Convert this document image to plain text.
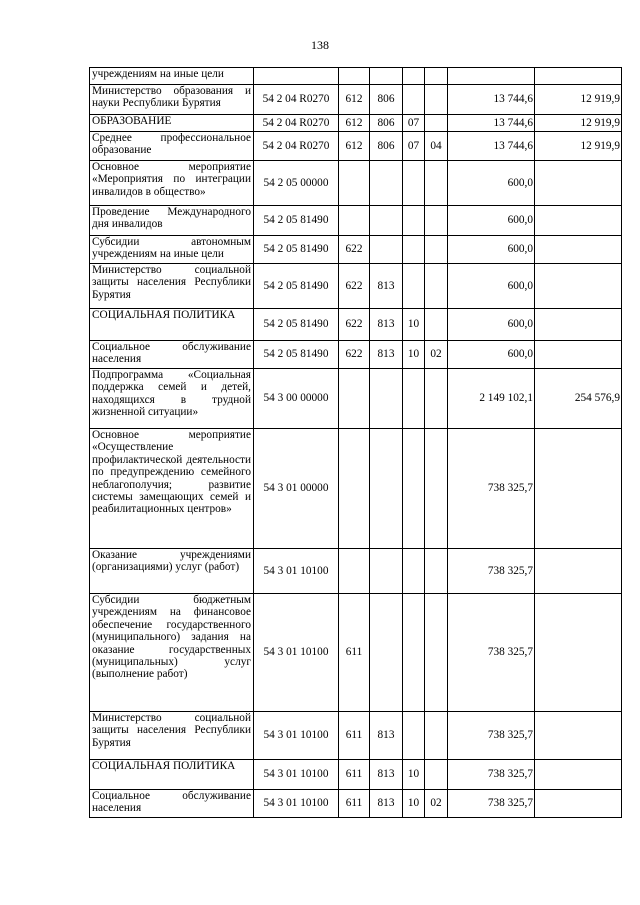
138
учреждениям на иные цели							
Министерство образования и науки Республики Бурятия	54 2 04 R0270	612	806			13 744,6	12 919,9
ОБРАЗОВАНИЕ	54 2 04 R0270	612	806	07		13 744,6	12 919,9
Среднее профессиональное образование	54 2 04 R0270	612	806	07	04	13 744,6	12 919,9
Основное мероприятие «Мероприятия по интеграции инвалидов в общество»	54 2 05 00000					600,0	
Проведение Международного дня инвалидов	54 2 05 81490					600,0	
Субсидии автономным учреждениям на иные цели	54 2 05 81490	622				600,0	
Министерство социальной защиты населения Республики Бурятия	54 2 05 81490	622	813			600,0	
СОЦИАЛЬНАЯ ПОЛИТИКА	54 2 05 81490	622	813	10		600,0	
Социальное обслуживание населения	54 2 05 81490	622	813	10	02	600,0	
Подпрограмма «Социальная поддержка семей и детей, находящихся в трудной жизненной ситуации»	54 3 00 00000					2 149 102,1	254 576,9
Основное мероприятие «Осуществление профилактической деятельности по предупреждению семейного неблагополучия; развитие системы замещающих семей и реабилитационных центров»	54 3 01 00000					738 325,7	
Оказание учреждениями (организациями) услуг (работ)	54 3 01 10100					738 325,7	
Субсидии бюджетным учреждениям на финансовое обеспечение государственного (муниципального) задания на оказание государственных (муниципальных) услуг (выполнение работ)	54 3 01 10100	611				738 325,7	
Министерство социальной защиты населения Республики Бурятия	54 3 01 10100	611	813			738 325,7	
СОЦИАЛЬНАЯ ПОЛИТИКА	54 3 01 10100	611	813	10		738 325,7	
Социальное обслуживание населения	54 3 01 10100	611	813	10	02	738 325,7	
